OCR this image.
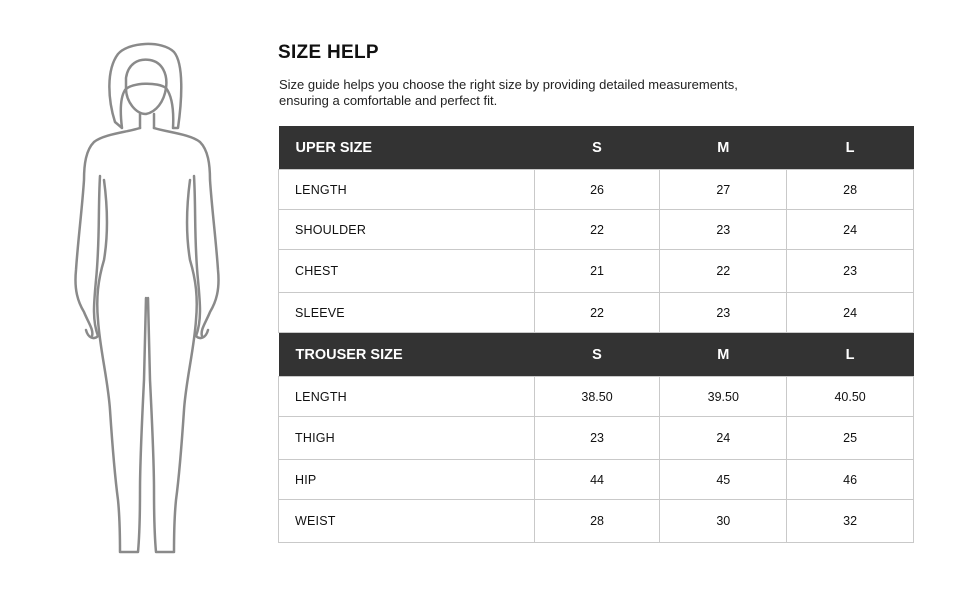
SIZE HELP

Size guide helps you choose the right size by providing detailed measurements,
ensuring a comfortable and perfect fit.

UPER SIZE	S	M	L
LENGTH	26	27	28
SHOULDER	22	23	24
CHEST	21	22	23
SLEEVE	22	23	24
TROUSER SIZE	S	M	L
LENGTH	38.50	39.50	40.50
THIGH	23	24	25
HIP	44	45	46
WEIST	28	30	32
